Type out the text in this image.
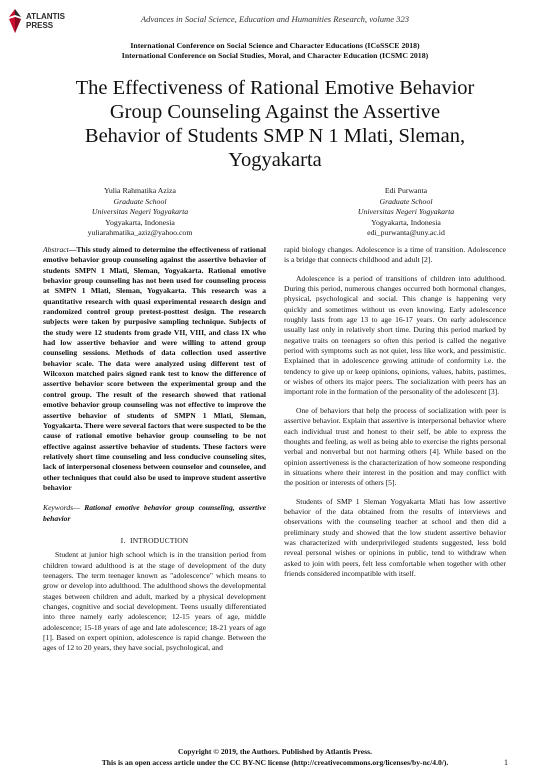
ATLANTIS
PRESS
Advances in Social Science, Education and Humanities Research, volume 323
International Conference on Social Science and Character Educations (ICoSSCE 2018)
International Conference on Social Studies, Moral, and Character Education (ICSMC 2018)
The Effectiveness of Rational Emotive Behavior Group Counseling Against the Assertive Behavior of Students SMP N 1 Mlati, Sleman, Yogyakarta
Yulia Rahmatika Aziza
Graduate School
Universitas Negeri Yogyakarta
Yogyakarta, Indonesia
yuliarahmatika_aziz@yahoo.com
Edi Purwanta
Graduate School
Universitas Negeri Yogyakarta
Yogyakarta, Indonesia
edi_purwanta@uny.ac.id
Abstract—This study aimed to determine the effectiveness of rational emotive behavior group counseling against the assertive behavior of students SMPN 1 Mlati, Sleman, Yogyakarta. Rational emotive behavior group counseling has not been used for counseling process at SMPN 1 Mlati, Sleman, Yogyakarta. This research was a quantitative research with quasi experimental research design and randomized control group pretest-posttest design. The research subjects were taken by purposive sampling technique. Subjects of the study were 12 students from grade VII, VIII, and class IX who had low assertive behavior and were willing to attend group counseling sessions. Methods of data collection used assertive behavior scale. The data were analyzed using different test of Wilcoxon matched pairs signed rank test to know the difference of assertive behavior score between the experimental group and the control group. The result of the research showed that rational emotive behavior group counseling was not effective to improve the assertive behavior of students of SMPN 1 Mlati, Sleman, Yogyakarta. There were several factors that were suspected to be the cause of rational emotive behavior group counseling to be not effective against assertive behavior of students. These factors were relatively short time counseling and less conducive counseling sites, lack of interpersonal closeness between counselor and counselee, and other techniques that could also be used to improve student assertive behavior
Keywords— Rational emotive behavior group counseling, assertive behavior
I. INTRODUCTION

Student at junior high school which is in the transition period from children toward adulthood is at the stage of development of the duty teenagers. The term teenager known as "adolescence" which means to grow or develop into adulthood. The adulthood shows the developmental stages between children and adult, marked by a physical development changes, cognitive and social development. Teens usually differentiated into three namely early adolescence; 12-15 years of age, middle adolescence; 15-18 years of age and late adolescence; 18-21 years of age [1]. Based on expert opinion, adolescence is rapid change. Between the ages of 12 to 20 years, they have social, psychological, and

rapid biology changes. Adolescence is a time of transition. Adolescence is a bridge that connects childhood and adult [2].

Adolescence is a period of transitions of children into adulthood. During this period, numerous changes occurred both hormonal changes, physical, psychological and social. This change is happening very quickly and sometimes without us even knowing. Early adolescence roughly lasts from age 13 to age 16-17 years. On early adolescence usually last only in relatively short time. During this period marked by negative traits on teenagers so often this period is called the negative period with symptoms such as not quiet, less like work, and pessimistic. Explained that in adolescence growing attitude of conformity i.e. the tendency to give up or keep opinions, opinions, values, habits, pastimes, or wishes of others its major peers. The socialization with peers has an important role in the formation of the personality of the adolescent [3].

One of behaviors that help the process of socialization with peer is assertive behavior. Explain that assertive is interpersonal behavior where each individual trust and honest to their self, be able to express the thoughts and feeling, as well as being able to exercise the rights personal verbal and nonverbal but not harming others [4]. While based on the opinion assertiveness is the characterization of how someone responding in situations where their interest in the position and may conflict with the position or interests of others [5].

Students of SMP 1 Sleman Yogyakarta Mlati has low assertive behavior of the data obtained from the results of interviews and observations with the counseling teacher at school and then did a preliminary study and showed that the low student assertive behavior was characterized with underprivileged students suggested, less bold reveal personal wishes or opinions in public, tend to withdraw when asked to join with peers, felt less comfortable when together with other friends considered incompatible with itself.

Copyright © 2019, the Authors. Published by Atlantis Press.
This is an open access article under the CC BY-NC license (http://creativecommons.org/licenses/by-nc/4.0/).	1
